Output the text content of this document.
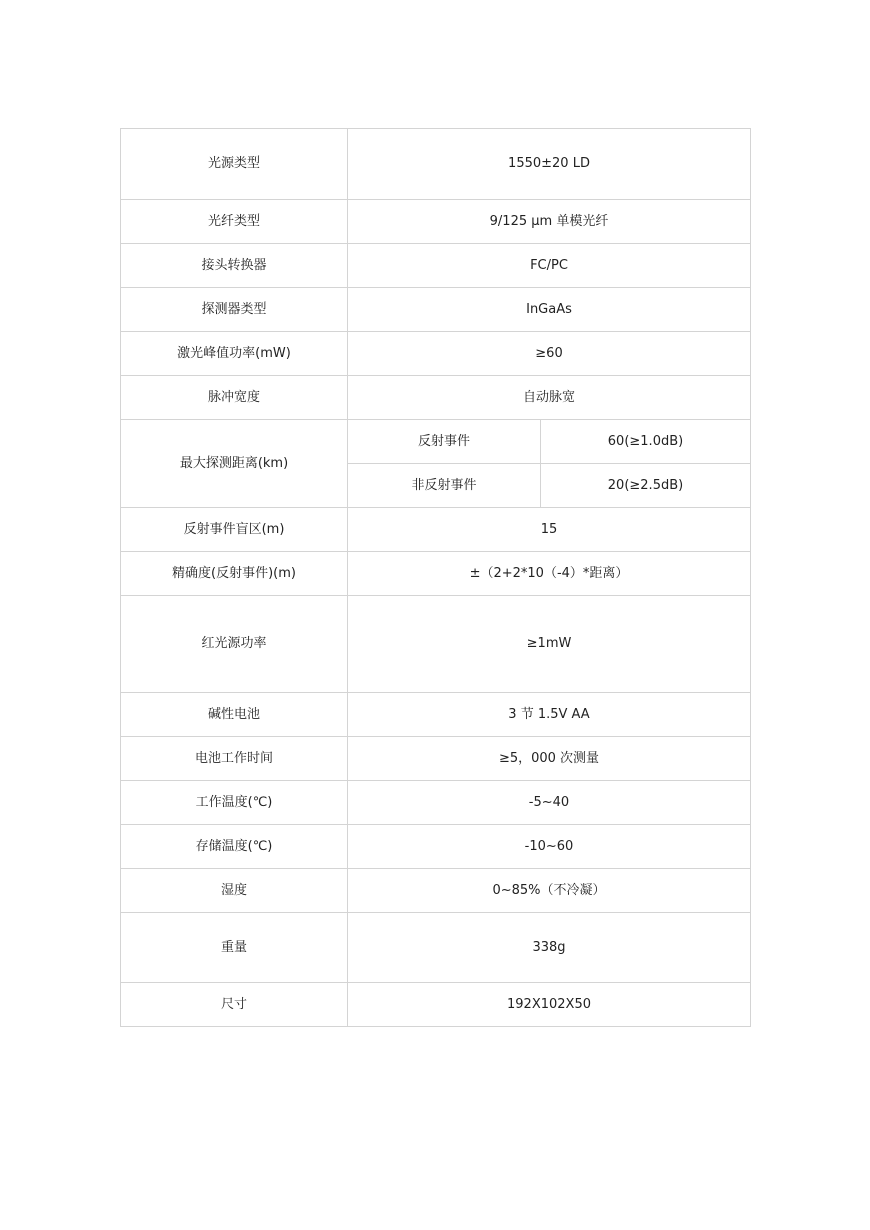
光源类型	1550±20 LD	
光纤类型	9/125 μm 单模光纤	
接头转换器	FC/PC	
探测器类型	InGaAs	
激光峰值功率(mW)	≥60	
脉冲宽度	自动脉宽	
最大探测距离(km)	反射事件	60(≥1.0dB)
	非反射事件	20(≥2.5dB)
反射事件盲区(m)	15	
精确度(反射事件)(m)	±（2+2*10（-4）*距离）	
红光源功率	≥1mW	
碱性电池	3 节 1.5V AA	
电池工作时间	≥5，000 次测量	
工作温度(℃)	-5~40	
存储温度(℃)	-10~60	
湿度	0~85%（不冷凝）	
重量	338g	
尺寸	192X102X50	
